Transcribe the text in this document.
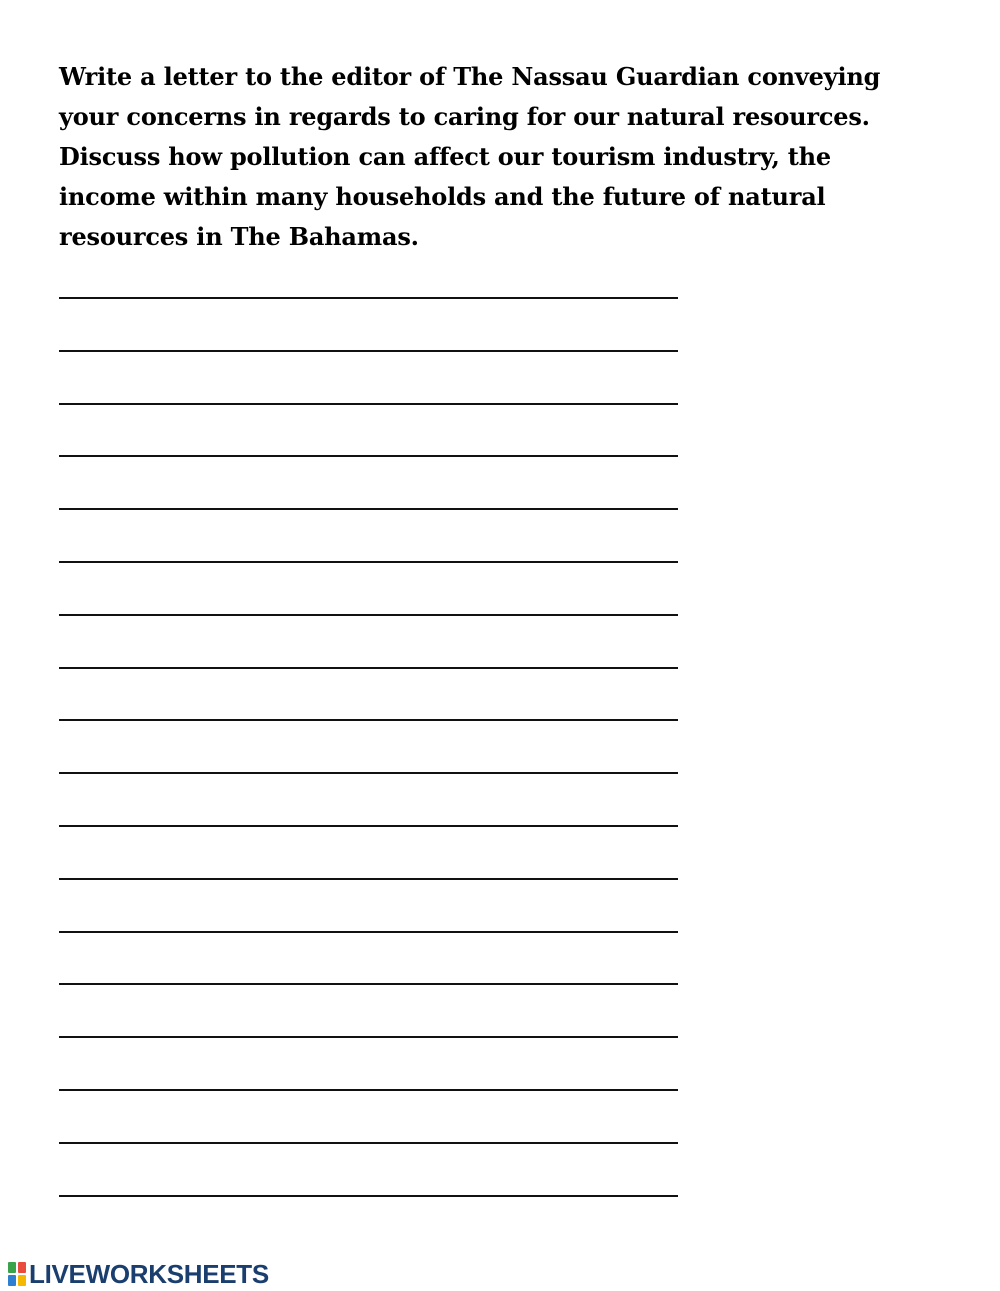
Write a letter to the editor of The Nassau Guardian conveying
your concerns in regards to caring for our natural resources.
Discuss how pollution can affect our tourism industry, the
income within many households and the future of natural
resources in The Bahamas.
LIVEWORKSHEETS
